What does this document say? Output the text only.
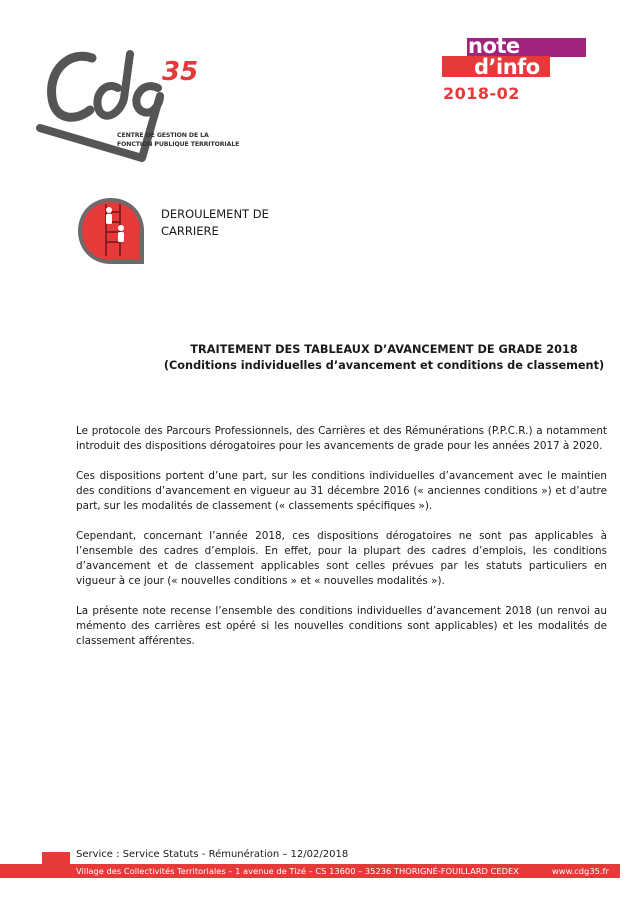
35
CENTRE DE GESTION DE LA
FONCTION PUBLIQUE TERRITORIALE
note
d’info
2018-02
DEROULEMENT DE
CARRIERE
TRAITEMENT DES TABLEAUX D’AVANCEMENT DE GRADE 2018
(Conditions individuelles d’avancement et conditions de classement)

Le protocole des Parcours Professionnels, des Carrières et des Rémunérations (P.P.C.R.) a notamment introduit des dispositions dérogatoires pour les avancements de grade pour les années 2017 à 2020.

Ces dispositions portent d’une part, sur les conditions individuelles d’avancement avec le maintien des conditions d’avancement en vigueur au 31 décembre 2016 (« anciennes conditions ») et d’autre part, sur les modalités de classement (« classements spécifiques »).

Cependant, concernant l’année 2018, ces dispositions dérogatoires ne sont pas applicables à l’ensemble des cadres d’emplois. En effet, pour la plupart des cadres d’emplois, les conditions d’avancement et de classement applicables sont celles prévues par les statuts particuliers en vigueur à ce jour (« nouvelles conditions » et « nouvelles modalités »).

La présente note recense l’ensemble des conditions individuelles d’avancement 2018 (un renvoi au mémento des carrières est opéré si les nouvelles conditions sont applicables) et les modalités de classement afférentes.

Service : Service Statuts - Rémunération – 12/02/2018
Village des Collectivités Territoriales – 1 avenue de Tizé – CS 13600 – 35236 THORIGNÉ-FOUILLARD CEDEX	www.cdg35.fr
